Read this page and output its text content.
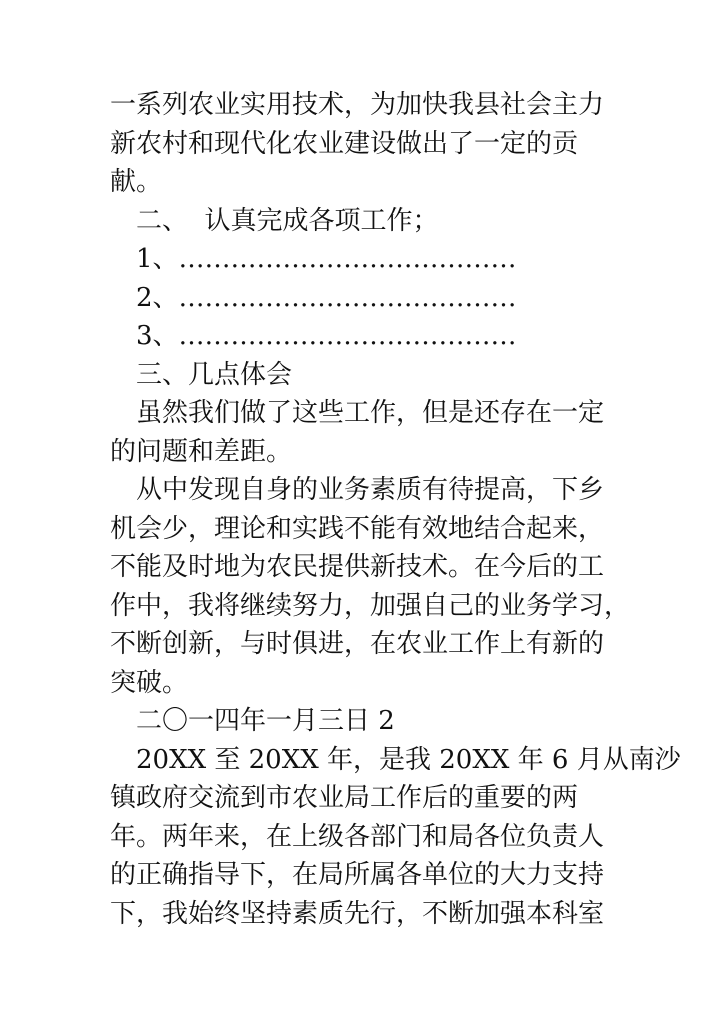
一系列农业实用技术，为加快我县社会主力
新农村和现代化农业建设做出了一定的贡
献。
二、  认真完成各项工作；
1、…………………………………
2、…………………………………
3、…………………………………
三、几点体会
虽然我们做了这些工作，但是还存在一定
的问题和差距。
从中发现自身的业务素质有待提高，下乡
机会少，理论和实践不能有效地结合起来，
不能及时地为农民提供新技术。在今后的工
作中，我将继续努力，加强自己的业务学习，
不断创新，与时俱进，在农业工作上有新的
突破。
二〇一四年一月三日 2
20XX 至 20XX 年，是我 20XX 年 6 月从南沙
镇政府交流到市农业局工作后的重要的两
年。两年来，在上级各部门和局各位负责人
的正确指导下，在局所属各单位的大力支持
下，我始终坚持素质先行，不断加强本科室
